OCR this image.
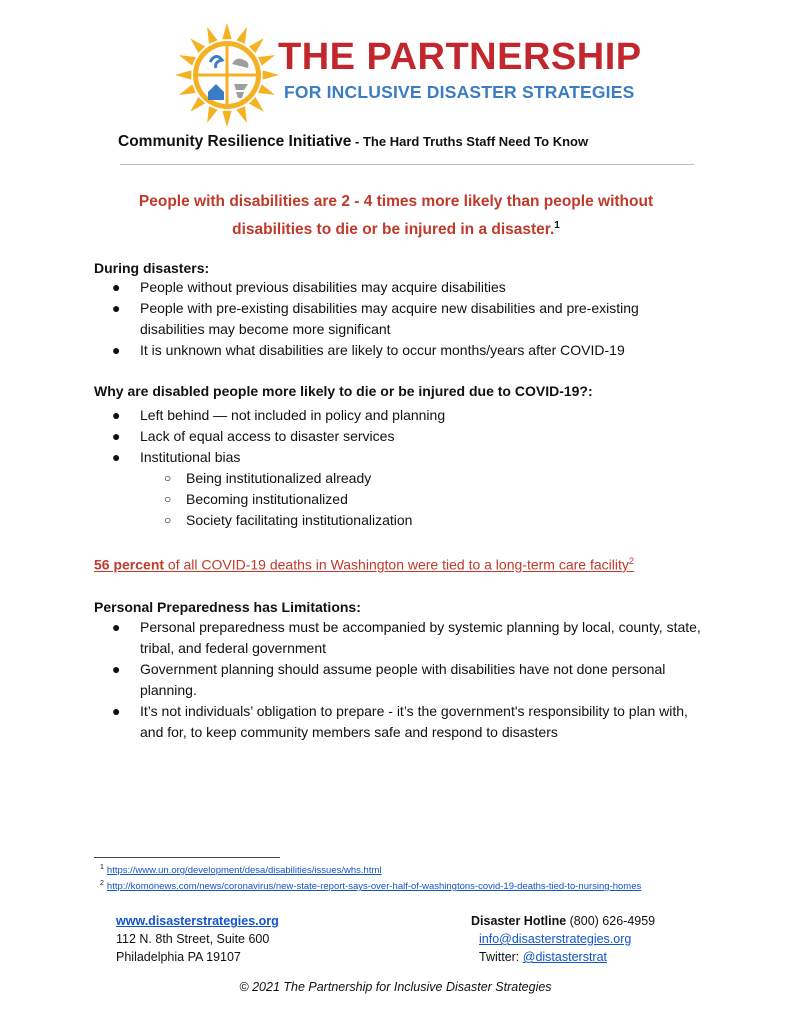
THE PARTNERSHIP
FOR INCLUSIVE DISASTER STRATEGIES
Community Resilience Initiative - The Hard Truths Staff Need To Know
People with disabilities are 2 - 4 times more likely than people without
disabilities to die or be injured in a disaster.$^1$
During disasters:
● People without previous disabilities may acquire disabilities
● People with pre-existing disabilities may acquire new disabilities and pre-existing disabilities may become more significant
● It is unknown what disabilities are likely to occur months/years after COVID-19
Why are disabled people more likely to die or be injured due to COVID-19?:
● Left behind — not included in policy and planning
● Lack of equal access to disaster services
● Institutional bias
○ Being institutionalized already
○ Becoming institutionalized
○ Society facilitating institutionalization
56 percent of all COVID-19 deaths in Washington were tied to a long-term care facility$^2$
Personal Preparedness has Limitations:
● Personal preparedness must be accompanied by systemic planning by local, county, state, tribal, and federal government
● Government planning should assume people with disabilities have not done personal planning.
● It’s not individuals’ obligation to prepare - it’s the government's responsibility to plan with, and for, to keep community members safe and respond to disasters
$^1$ https://www.un.org/development/desa/disabilities/issues/whs.html
$^2$ http://komonews.com/news/coronavirus/new-state-report-says-over-half-of-washingtons-covid-19-deaths-tied-to-nursing-homes
www.disasterstrategies.org
112 N. 8th Street, Suite 600
Philadelphia PA 19107
Disaster Hotline (800) 626-4959
info@disasterstrategies.org
Twitter: @distasterstrat
© 2021 The Partnership for Inclusive Disaster Strategies
